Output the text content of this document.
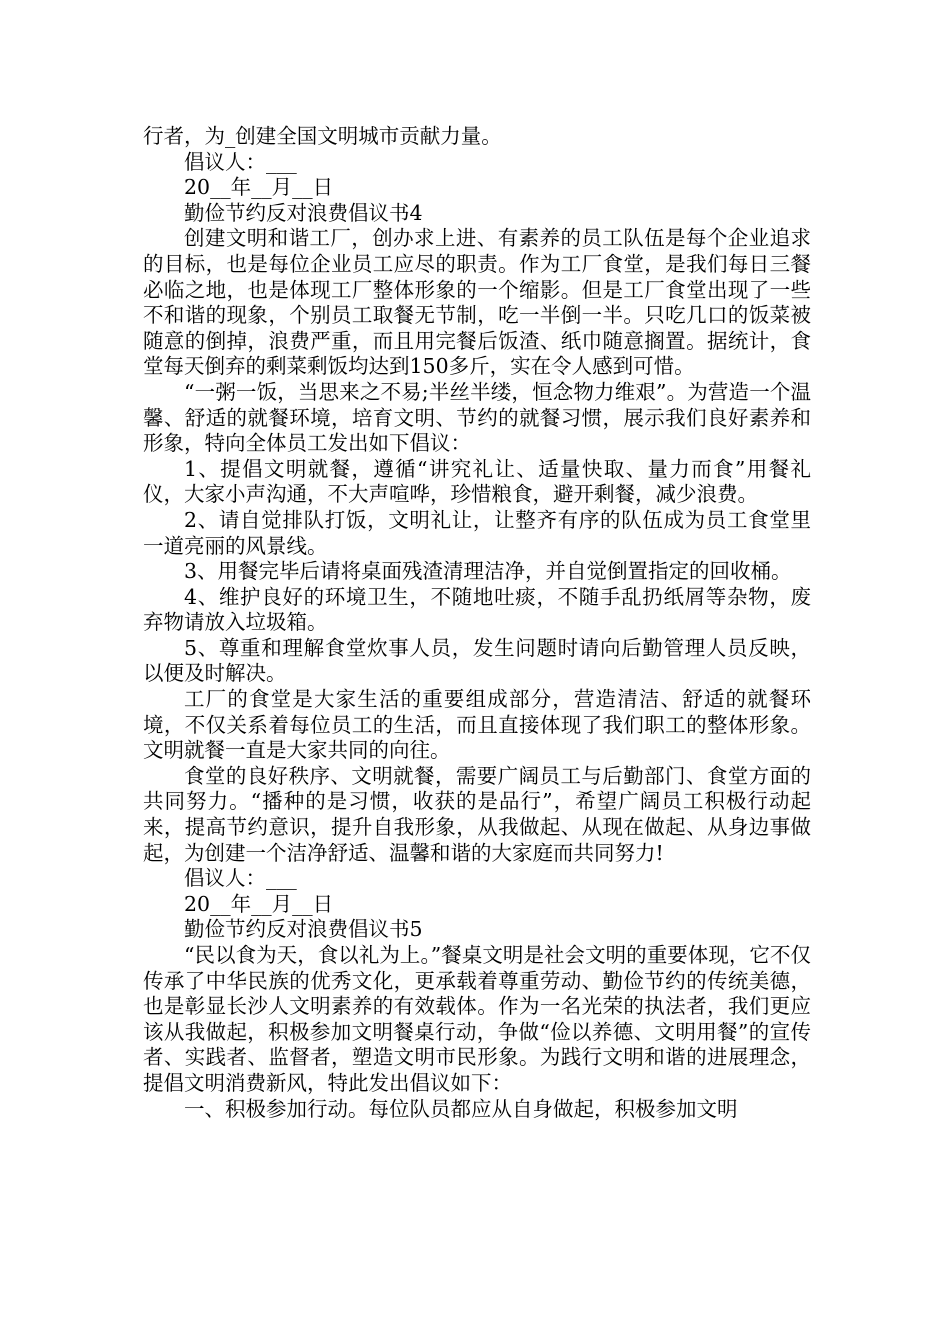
行者，为_创建全国文明城市贡献力量。

倡议人：___

20__年__月__日

勤俭节约反对浪费倡议书4

创建文明和谐工厂，创办求上进、有素养的员工队伍是每个企业追求的目标，也是每位企业员工应尽的职责。作为工厂食堂，是我们每日三餐必临之地，也是体现工厂整体形象的一个缩影。但是工厂食堂出现了一些不和谐的现象，个别员工取餐无节制，吃一半倒一半。只吃几口的饭菜被随意的倒掉，浪费严重，而且用完餐后饭渣、纸巾随意搁置。据统计，食堂每天倒弃的剩菜剩饭均达到150多斤，实在令人感到可惜。

“一粥一饭，当思来之不易;半丝半缕，恒念物力维艰”。为营造一个温馨、舒适的就餐环境，培育文明、节约的就餐习惯，展示我们良好素养和形象，特向全体员工发出如下倡议：

1、提倡文明就餐，遵循“讲究礼让、适量快取、量力而食”用餐礼仪，大家小声沟通，不大声喧哗，珍惜粮食，避开剩餐，减少浪费。

2、请自觉排队打饭，文明礼让，让整齐有序的队伍成为员工食堂里一道亮丽的风景线。

3、用餐完毕后请将桌面残渣清理洁净，并自觉倒置指定的回收桶。

4、维护良好的环境卫生，不随地吐痰，不随手乱扔纸屑等杂物，废弃物请放入垃圾箱。

5、尊重和理解食堂炊事人员，发生问题时请向后勤管理人员反映，以便及时解决。

工厂的食堂是大家生活的重要组成部分，营造清洁、舒适的就餐环境，不仅关系着每位员工的生活，而且直接体现了我们职工的整体形象。文明就餐一直是大家共同的向往。

食堂的良好秩序、文明就餐，需要广阔员工与后勤部门、食堂方面的共同努力。“播种的是习惯，收获的是品行”，希望广阔员工积极行动起来，提高节约意识，提升自我形象，从我做起、从现在做起、从身边事做起，为创建一个洁净舒适、温馨和谐的大家庭而共同努力!

倡议人：___

20__年__月__日

勤俭节约反对浪费倡议书5

“民以食为天，食以礼为上。”餐桌文明是社会文明的重要体现，它不仅传承了中华民族的优秀文化，更承载着尊重劳动、勤俭节约的传统美德，也是彰显长沙人文明素养的有效载体。作为一名光荣的执法者，我们更应该从我做起，积极参加文明餐桌行动，争做“俭以养德、文明用餐”的宣传者、实践者、监督者，塑造文明市民形象。为践行文明和谐的进展理念，提倡文明消费新风，特此发出倡议如下：

一、积极参加行动。每位队员都应从自身做起，积极参加文明
